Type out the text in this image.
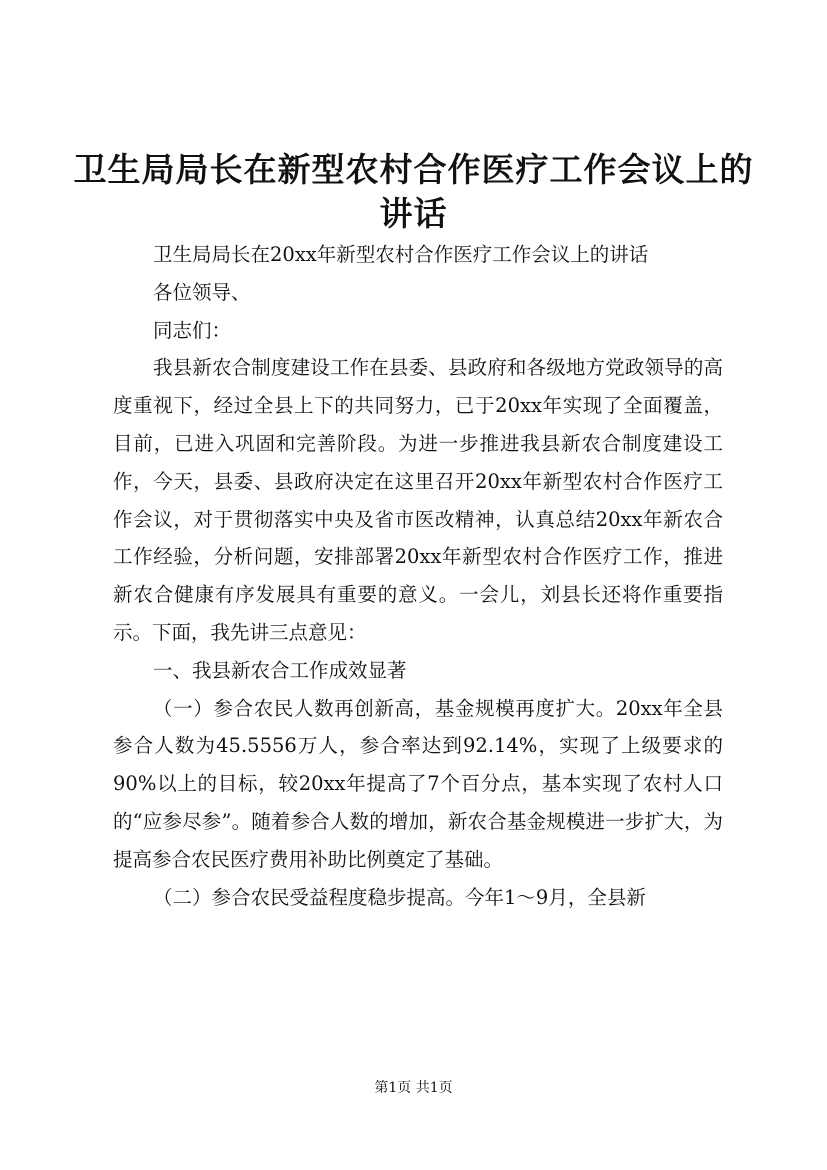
卫生局局长在新型农村合作医疗工作会议上的讲话

卫生局局长在20xx年新型农村合作医疗工作会议上的讲话

各位领导、

同志们：

我县新农合制度建设工作在县委、县政府和各级地方党政领导的高度重视下，经过全县上下的共同努力，已于20xx年实现了全面覆盖，目前，已进入巩固和完善阶段。为进一步推进我县新农合制度建设工作，今天，县委、县政府决定在这里召开20xx年新型农村合作医疗工作会议，对于贯彻落实中央及省市医改精神，认真总结20xx年新农合工作经验，分析问题，安排部署20xx年新型农村合作医疗工作，推进新农合健康有序发展具有重要的意义。一会儿，刘县长还将作重要指示。下面，我先讲三点意见：

一、我县新农合工作成效显著

（一）参合农民人数再创新高，基金规模再度扩大。20xx年全县参合人数为45.5556万人，参合率达到92.14%，实现了上级要求的90%以上的目标，较20xx年提高了7个百分点，基本实现了农村人口的“应参尽参”。随着参合人数的增加，新农合基金规模进一步扩大，为提高参合农民医疗费用补助比例奠定了基础。

（二）参合农民受益程度稳步提高。今年1～9月，全县新

第1页 共1页
